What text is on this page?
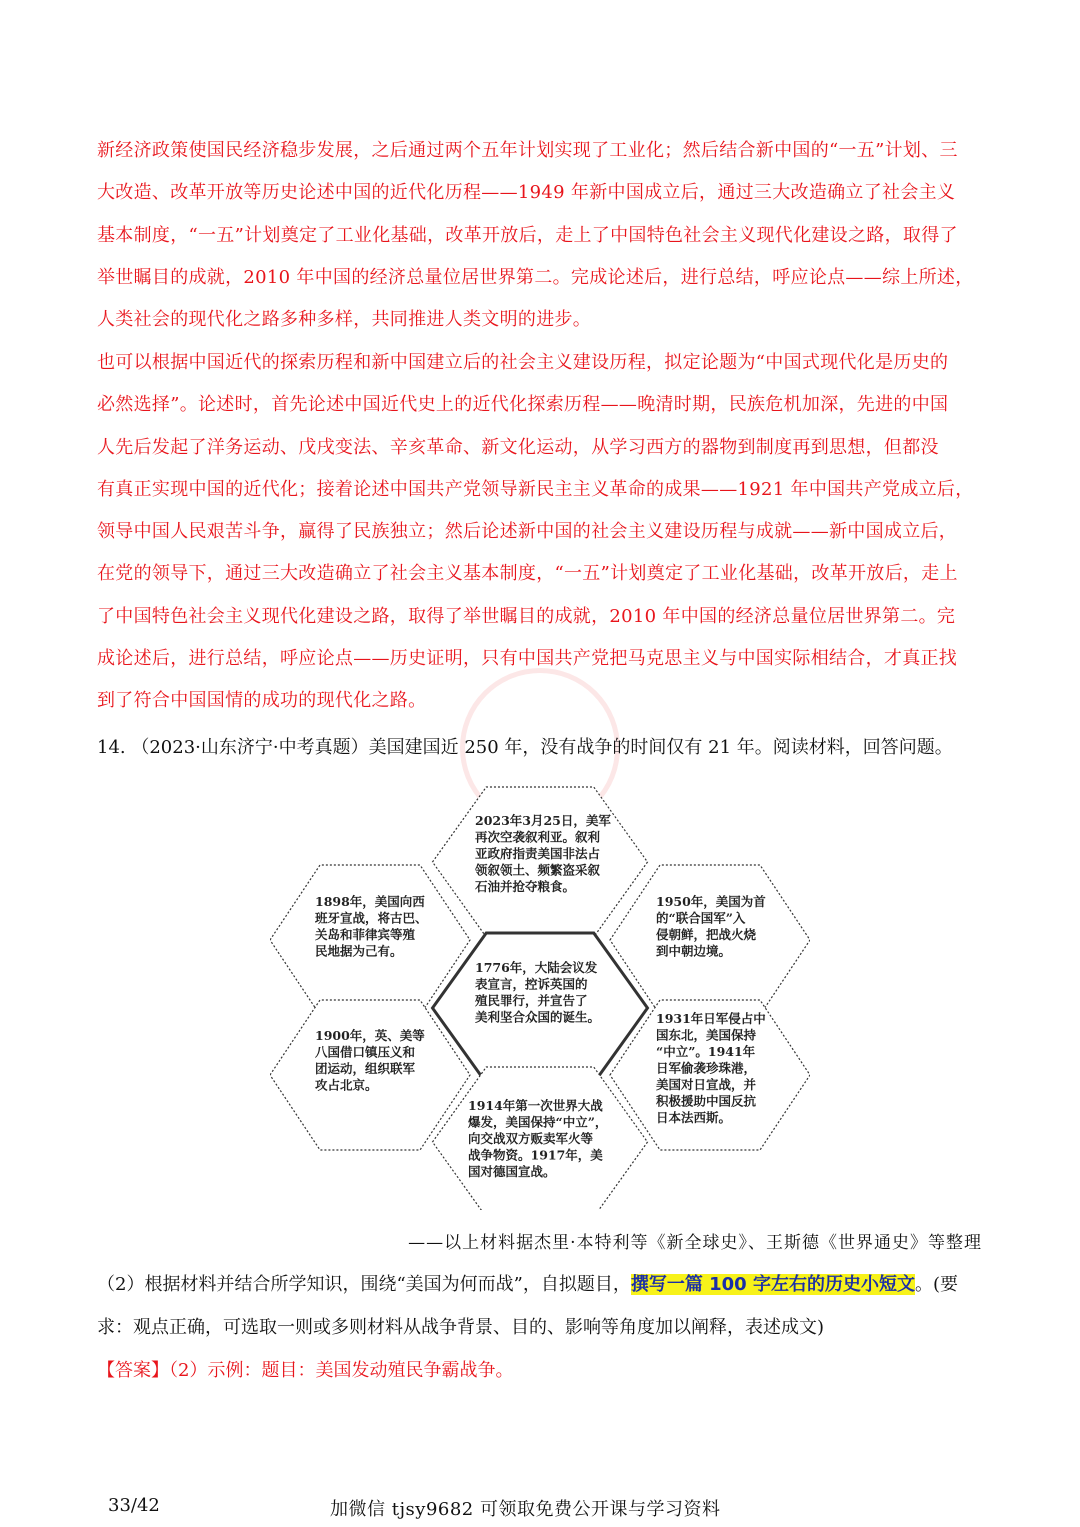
新经济政策使国民经济稳步发展，之后通过两个五年计划实现了工业化；然后结合新中国的“一五”计划、三
大改造、改革开放等历史论述中国的近代化历程——1949 年新中国成立后，通过三大改造确立了社会主义
基本制度，“一五”计划奠定了工业化基础，改革开放后，走上了中国特色社会主义现代化建设之路，取得了
举世瞩目的成就，2010 年中国的经济总量位居世界第二。完成论述后，进行总结，呼应论点——综上所述，
人类社会的现代化之路多种多样，共同推进人类文明的进步。
也可以根据中国近代的探索历程和新中国建立后的社会主义建设历程，拟定论题为“中国式现代化是历史的
必然选择”。论述时，首先论述中国近代史上的近代化探索历程——晚清时期，民族危机加深，先进的中国
人先后发起了洋务运动、戊戌变法、辛亥革命、新文化运动，从学习西方的器物到制度再到思想，但都没
有真正实现中国的近代化；接着论述中国共产党领导新民主主义革命的成果——1921 年中国共产党成立后，
领导中国人民艰苦斗争，赢得了民族独立；然后论述新中国的社会主义建设历程与成就——新中国成立后，
在党的领导下，通过三大改造确立了社会主义基本制度，“一五”计划奠定了工业化基础，改革开放后，走上
了中国特色社会主义现代化建设之路，取得了举世瞩目的成就，2010 年中国的经济总量位居世界第二。完
成论述后，进行总结，呼应论点——历史证明，只有中国共产党把马克思主义与中国实际相结合，才真正找
到了符合中国国情的成功的现代化之路。
14. （2023·山东济宁·中考真题）美国建国近 250 年，没有战争的时间仅有 21 年。阅读材料，回答问题。
2023年3月25日，美军
再次空袭叙利亚。叙利
亚政府指责美国非法占
领叙领土、频繁盗采叙
石油并抢夺粮食。
1898年，美国向西
班牙宣战，将古巴、
关岛和菲律宾等殖
民地据为己有。
1950年，美国为首
的“联合国军”入
侵朝鲜，把战火烧
到中朝边境。
1776年，大陆会议发
表宣言，控诉英国的
殖民罪行，并宣告了
美利坚合众国的诞生。
1900年，英、美等
八国借口镇压义和
团运动，组织联军
攻占北京。
1931年日军侵占中
国东北，美国保持
“中立”。1941年
日军偷袭珍珠港，
美国对日宣战，并
积极援助中国反抗
日本法西斯。
1914年第一次世界大战
爆发，美国保持“中立”，
向交战双方贩卖军火等
战争物资。1917年，美
国对德国宣战。
——以上材料据杰里·本特利等《新全球史》、王斯德《世界通史》等整理
（2）根据材料并结合所学知识，围绕“美国为何而战”，自拟题目，撰写一篇 100 字左右的历史小短文。(要
求：观点正确，可选取一则或多则材料从战争背景、目的、影响等角度加以阐释，表述成文)
【答案】（2）示例：题目：美国发动殖民争霸战争。
33/42	加微信 tjsy9682 可领取免费公开课与学习资料
